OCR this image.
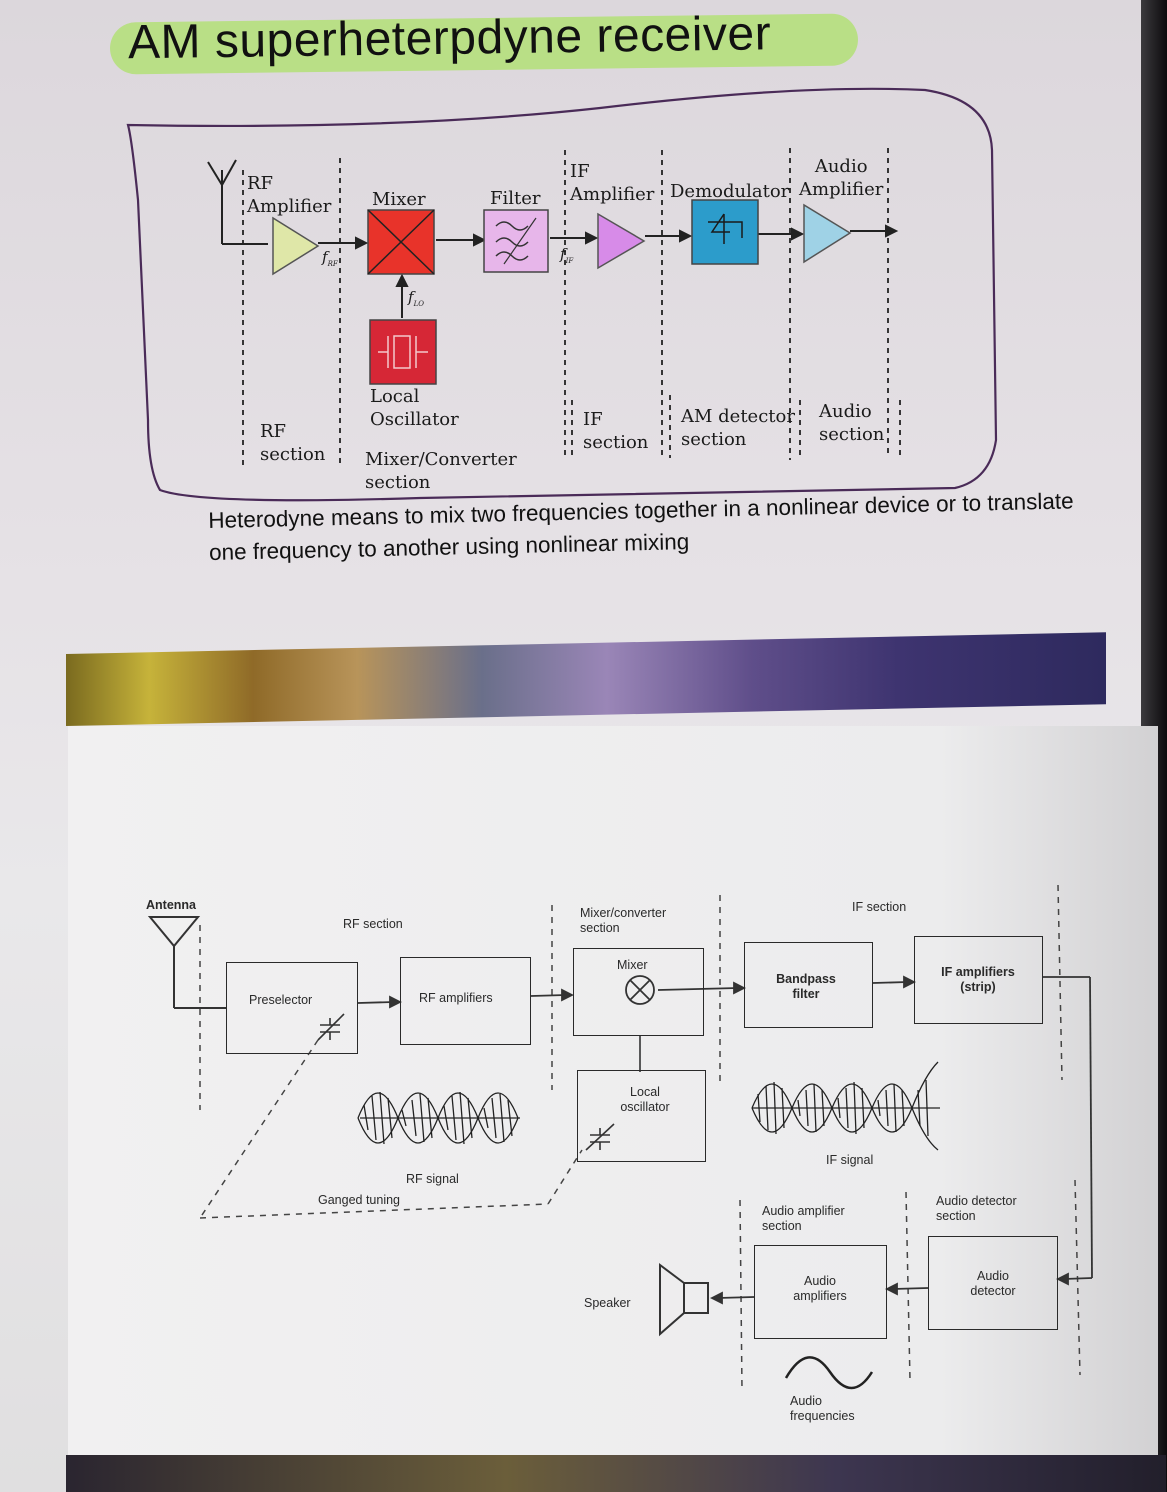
AM superheterpdyne receiver
RF
Amplifier Mixer	Filter
IF
Amplifier Demodulator
Audio
Amplifier
Local
Oscillator
RF
section Mixer/Converter
section
IF
section
AM detector
section
Audio
section
$f_{RF}$
$f_{LO}$
$f_{IF}$
Heterodyne means to mix two frequencies together in a nonlinear device or to translate one frequency to another using nonlinear mixing
Antenna
RF section
Mixer/converter
section
IF section
Preselector	RF amplifiers
Mixer
Bandpass
filter
IF amplifiers
(strip)
Local
oscillator
RF signal
Ganged tuning
IF signal
Audio amplifier
section
Audio detector
section
Speaker
Audio
amplifiers
Audio
detector
Audio
frequencies
